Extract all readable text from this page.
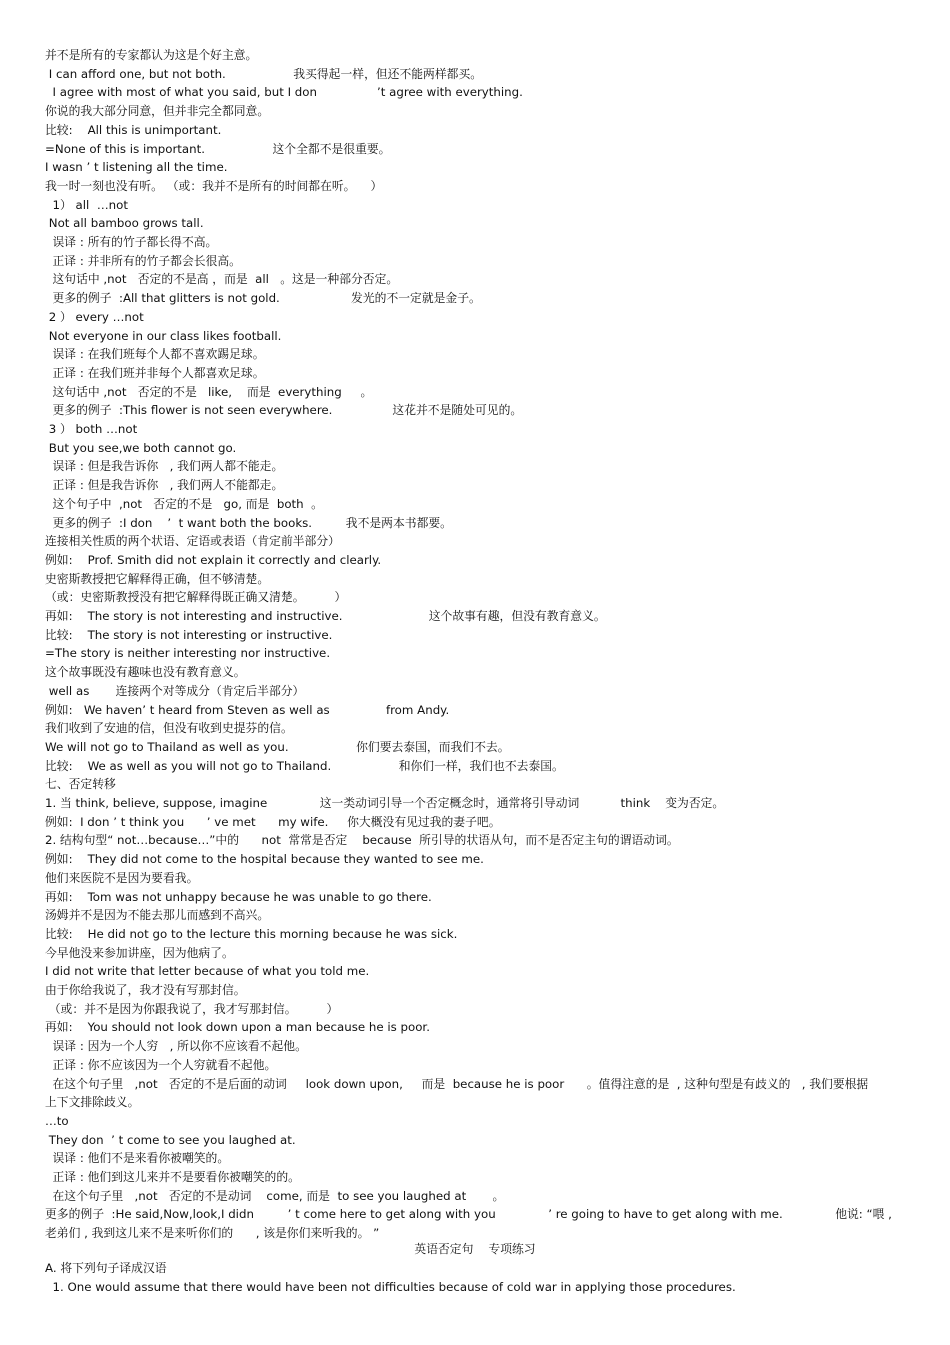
并不是所有的专家都认为这是个好主意。
I can afford one, but not both.                  我买得起一样，但还不能两样都买。
I agree with most of what you said, but I don                ’t agree with everything.
你说的我大部分同意，但并非完全都同意。
比较:    All this is unimportant.
=None of this is important.                  这个全都不是很重要。
I wasn ’ t listening all the time.
我一时一刻也没有听。 （或：我并不是所有的时间都在听。    ）
1） all  …not
Not all bamboo grows tall.
误译 : 所有的竹子都长得不高。
正译 : 并非所有的竹子都会长很高。
这句话中 ,not   否定的不是高 ，而是  all   。这是一种部分否定。
更多的例子  :All that glitters is not gold.                   发光的不一定就是金子。
2 ） every …not
Not everyone in our class likes football.
误译 : 在我们班每个人都不喜欢踢足球。
正译 : 在我们班并非每个人都喜欢足球。
这句话中 ,not   否定的不是   like,    而是  everything     。
更多的例子  :This flower is not seen everywhere.                这花并不是随处可见的。
3 ） both …not
But you see,we both cannot go.
误译 : 但是我告诉你   , 我们两人都不能走。
正译 : 但是我告诉你   , 我们两人不能都走。
这个句子中  ,not   否定的不是   go, 而是  both  。
更多的例子  :I don    ’  t want both the books.         我不是两本书都要。
连接相关性质的两个状语、定语或表语（肯定前半部分）
例如:    Prof. Smith did not explain it correctly and clearly.
史密斯教授把它解释得正确，但不够清楚。
（或：史密斯教授没有把它解释得既正确又清楚。        ）
再如:    The story is not interesting and instructive.                       这个故事有趣，但没有教育意义。
比较:    The story is not interesting or instructive.
=The story is neither interesting nor instructive.
这个故事既没有趣味也没有教育意义。
well as       连接两个对等成分（肯定后半部分）
例如:   We haven’ t heard from Steven as well as               from Andy.
我们收到了安迪的信，但没有收到史提芬的信。
We will not go to Thailand as well as you.                  你们要去泰国，而我们不去。
比较:    We as well as you will not go to Thailand.                  和你们一样，我们也不去泰国。
七、否定转移
1. 当 think, believe, suppose, imagine              这一类动词引导一个否定概念时，通常将引导动词           think    变为否定。
例如:  I don ’ t think you      ’ ve met      my wife.     你大概没有见过我的妻子吧。
2. 结构句型“ not…because…”中的      not  常常是否定    because  所引导的状语从句，而不是否定主句的谓语动词。
例如:    They did not come to the hospital because they wanted to see me.
他们来医院不是因为要看我。
再如:    Tom was not unhappy because he was unable to go there.
汤姆并不是因为不能去那儿而感到不高兴。
比较:    He did not go to the lecture this morning because he was sick.
今早他没来参加讲座，因为他病了。
I did not write that letter because of what you told me.
由于你给我说了，我才没有写那封信。
（或：并不是因为你跟我说了，我才写那封信。        ）
再如:    You should not look down upon a man because he is poor.
误译 : 因为一个人穷   , 所以你不应该看不起他。
正译 : 你不应该因为一个人穷就看不起他。
在这个句子里   ,not   否定的不是后面的动词     look down upon,     而是  because he is poor      。值得注意的是  , 这种句型是有歧义的   , 我们要根据
上下文排除歧义。
…to
They don  ’ t come to see you laughed at.
误译 : 他们不是来看你被嘲笑的。
正译 : 他们到这儿来并不是要看你被嘲笑的的。
在这个句子里   ,not   否定的不是动词    come, 而是  to see you laughed at       。
更多的例子  :He said,Now,look,I didn         ’ t come here to get along with you              ’ re going to have to get along with me.              他说: “喂 ,
老弟们 , 我到这儿来不是来听你们的      , 该是你们来听我的。 ”
英语否定句    专项练习
A. 将下列句子译成汉语
1. One would assume that there would have been not difficulties because of cold war in applying those procedures.
